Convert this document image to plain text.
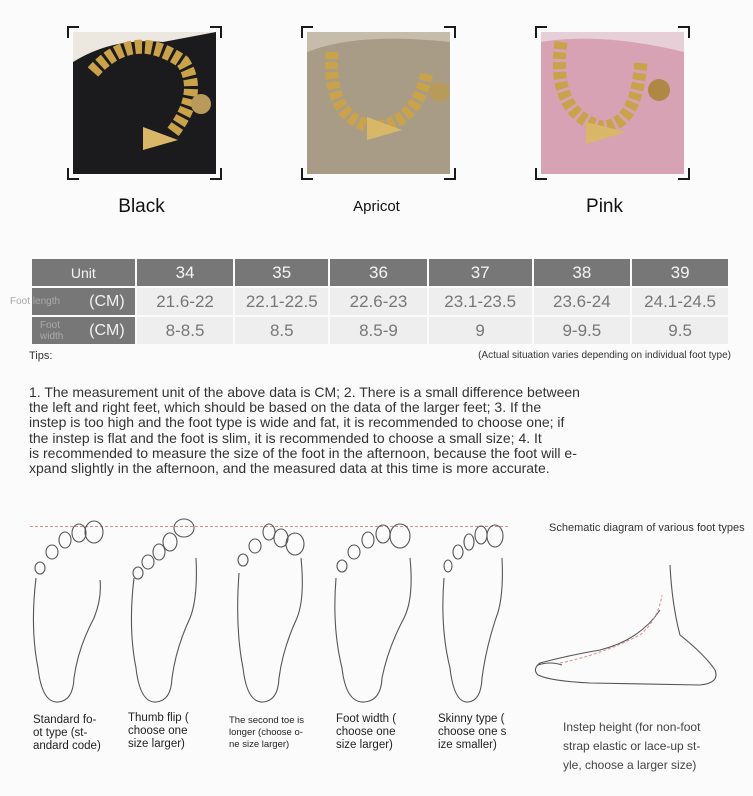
Black	Apricot	Pink
Unit	34	35	36	37	38	39

Foot length (CM)	21.6-22	22.1-22.5	22.6-23	23.1-23.5	23.6-24	24.1-24.5

Foot width (CM)	8-8.5	8.5	8.5-9	9	9-9.5	9.5
Tips:	(Actual situation varies depending on individual foot type)
1. The measurement unit of the above data is CM; 2. There is a small difference between
the left and right feet, which should be based on the data of the larger feet; 3. If the
instep is too high and the foot type is wide and fat, it is recommended to choose one; if
the instep is flat and the foot is slim, it is recommended to choose a small size; 4. It
is recommended to measure the size of the foot in the afternoon, because the foot will e-
xpand slightly in the afternoon, and the measured data at this time is more accurate.
Standard fo-
ot type (st-
andard code)
Thumb flip (
choose one
size larger)
The second toe is
longer (choose o-
ne size larger)
Foot width (
choose one
size larger)
Skinny type (
choose one s
ize smaller)
Schematic diagram of various foot types
Instep height (for non-foot
strap elastic or lace-up st-
yle, choose a larger size)
